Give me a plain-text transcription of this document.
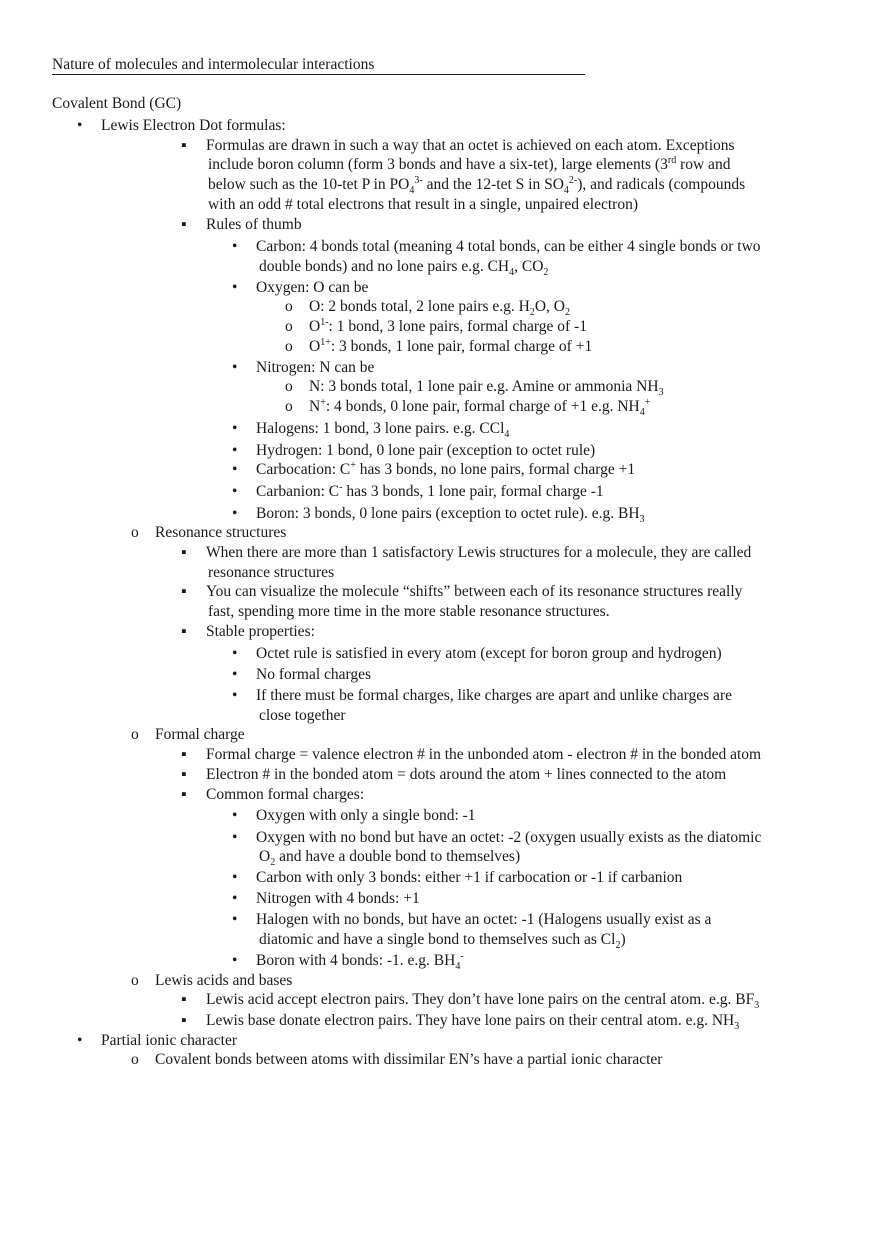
Nature of molecules and intermolecular interactions
Covalent Bond (GC)
• Lewis Electron Dot formulas:
▪ Formulas are drawn in such a way that an octet is achieved on each atom. Exceptions
include boron column (form 3 bonds and have a six-tet), large elements (3rd row and
below such as the 10-tet P in $PO_4^{3-}$ and the 12-tet S in $SO_4^{2-}$), and radicals (compounds
with an odd # total electrons that result in a single, unpaired electron)
▪ Rules of thumb
• Carbon: 4 bonds total (meaning 4 total bonds, can be either 4 single bonds or two
double bonds) and no lone pairs e.g. $CH_4$, $CO_2$
• Oxygen: O can be
o O: 2 bonds total, 2 lone pairs e.g. $H_2O$, $O_2$
o $O^{1-}$: 1 bond, 3 lone pairs, formal charge of -1
o $O^{1+}$: 3 bonds, 1 lone pair, formal charge of +1
• Nitrogen: N can be
o N: 3 bonds total, 1 lone pair e.g. Amine or ammonia $NH_3$
o N+: 4 bonds, 0 lone pair, formal charge of +1 e.g. $NH_4^+$
• Halogens: 1 bond, 3 lone pairs. e.g. CCl$_4$
• Hydrogen: 1 bond, 0 lone pair (exception to octet rule)
• Carbocation: C+ has 3 bonds, no lone pairs, formal charge +1
• Carbanion: C- has 3 bonds, 1 lone pair, formal charge -1
• Boron: 3 bonds, 0 lone pairs (exception to octet rule). e.g. $BH_3$
o Resonance structures
▪ When there are more than 1 satisfactory Lewis structures for a molecule, they are called
resonance structures
▪ You can visualize the molecule “shifts” between each of its resonance structures really
fast, spending more time in the more stable resonance structures.
▪ Stable properties:
• Octet rule is satisfied in every atom (except for boron group and hydrogen)
• No formal charges
• If there must be formal charges, like charges are apart and unlike charges are
close together
o Formal charge
▪ Formal charge = valence electron # in the unbonded atom - electron # in the bonded atom
▪ Electron # in the bonded atom = dots around the atom + lines connected to the atom
▪ Common formal charges:
• Oxygen with only a single bond: -1
• Oxygen with no bond but have an octet: -2 (oxygen usually exists as the diatomic
$O_2$ and have a double bond to themselves)
• Carbon with only 3 bonds: either +1 if carbocation or -1 if carbanion
• Nitrogen with 4 bonds: +1
• Halogen with no bonds, but have an octet: -1 (Halogens usually exist as a
diatomic and have a single bond to themselves such as $Cl_2$)
• Boron with 4 bonds: -1. e.g. $BH_4^-$
o Lewis acids and bases
▪ Lewis acid accept electron pairs. They don’t have lone pairs on the central atom. e.g. $BF_3$
▪ Lewis base donate electron pairs. They have lone pairs on their central atom. e.g. $NH_3$
• Partial ionic character
o Covalent bonds between atoms with dissimilar EN’s have a partial ionic character
